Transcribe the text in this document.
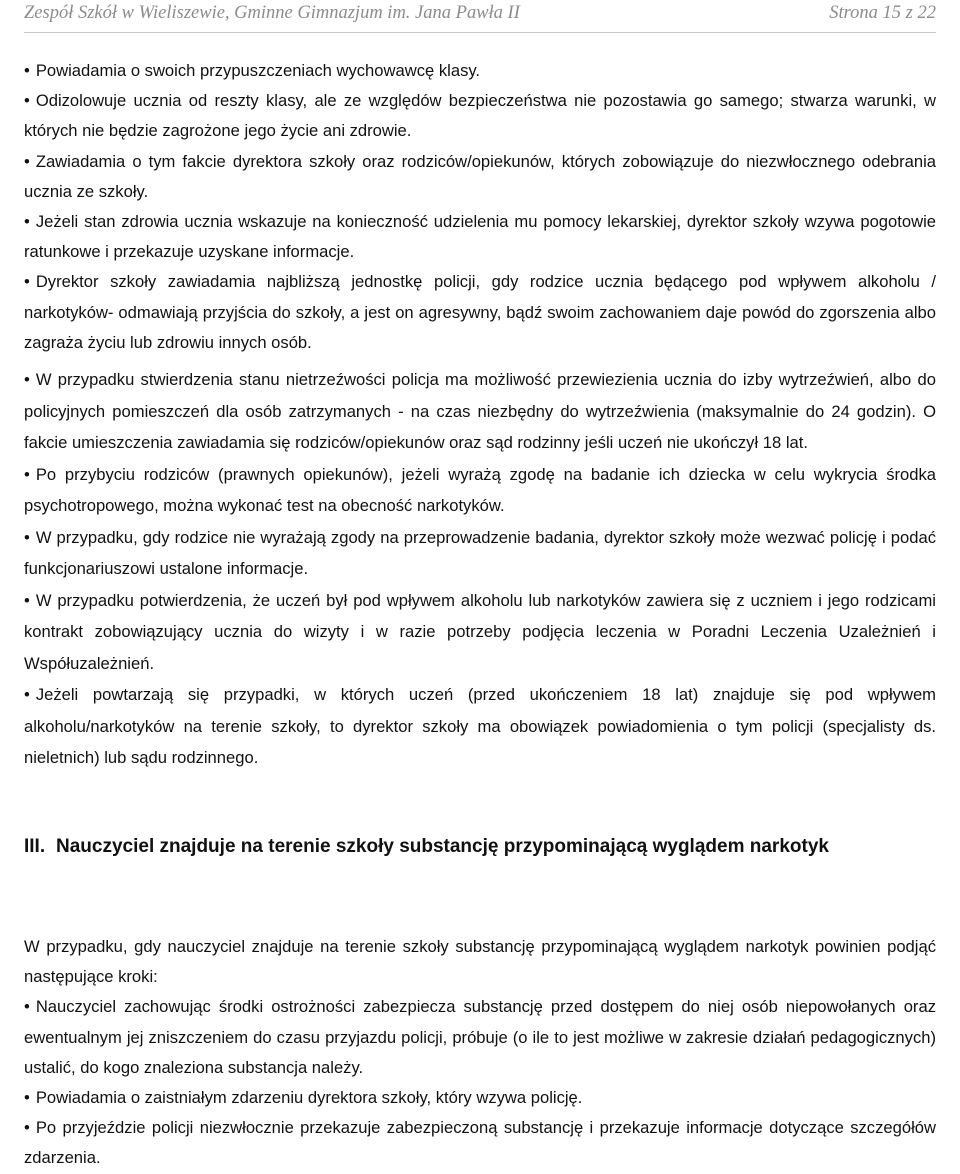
Zespół Szkół w Wieliszewie, Gminne Gimnazjum im. Jana Pawła II	Strona 15 z 22

• Powiadamia o swoich przypuszczeniach wychowawcę klasy.

• Odizolowuje ucznia od reszty klasy, ale ze względów bezpieczeństwa nie pozostawia go samego; stwarza warunki, w których nie będzie zagrożone jego życie ani zdrowie.

• Zawiadamia o tym fakcie dyrektora szkoły oraz rodziców/opiekunów, których zobowiązuje do niezwłocznego odebrania ucznia ze szkoły.

• Jeżeli stan zdrowia ucznia wskazuje na konieczność udzielenia mu pomocy lekarskiej, dyrektor szkoły wzywa pogotowie ratunkowe i przekazuje uzyskane informacje.

• Dyrektor szkoły zawiadamia najbliższą jednostkę policji, gdy rodzice ucznia będącego pod wpływem alkoholu / narkotyków- odmawiają przyjścia do szkoły, a jest on agresywny, bądź swoim zachowaniem daje powód do zgorszenia albo zagraża życiu lub zdrowiu innych osób.

• W przypadku stwierdzenia stanu nietrzeźwości policja ma możliwość przewiezienia ucznia do izby wytrzeźwień, albo do policyjnych pomieszczeń dla osób zatrzymanych - na czas niezbędny do wytrzeźwienia (maksymalnie do 24 godzin). O fakcie umieszczenia zawiadamia się rodziców/opiekunów oraz sąd rodzinny jeśli uczeń nie ukończył 18 lat.

• Po przybyciu rodziców (prawnych opiekunów), jeżeli wyrażą zgodę na badanie ich dziecka w celu wykrycia środka psychotropowego, można wykonać test na obecność narkotyków.

• W przypadku, gdy rodzice nie wyrażają zgody na przeprowadzenie badania, dyrektor szkoły może wezwać policję i podać funkcjonariuszowi ustalone informacje.

• W przypadku potwierdzenia, że uczeń był pod wpływem alkoholu lub narkotyków zawiera się z uczniem i jego rodzicami kontrakt zobowiązujący ucznia do wizyty i w razie potrzeby podjęcia leczenia w Poradni Leczenia Uzależnień i Współuzależnień.

• Jeżeli powtarzają się przypadki, w których uczeń (przed ukończeniem 18 lat) znajduje się pod wpływem alkoholu/narkotyków na terenie szkoły, to dyrektor szkoły ma obowiązek powiadomienia o tym policji (specjalisty ds. nieletnich) lub sądu rodzinnego.

III. Nauczyciel znajduje na terenie szkoły substancję przypominającą wyglądem narkotyk

W przypadku, gdy nauczyciel znajduje na terenie szkoły substancję przypominającą wyglądem narkotyk powinien podjąć następujące kroki:

• Nauczyciel zachowując środki ostrożności zabezpiecza substancję przed dostępem do niej osób niepowołanych oraz ewentualnym jej zniszczeniem do czasu przyjazdu policji, próbuje (o ile to jest możliwe w zakresie działań pedagogicznych) ustalić, do kogo znaleziona substancja należy.

• Powiadamia o zaistniałym zdarzeniu dyrektora szkoły, który wzywa policję.

• Po przyjeździe policji niezwłocznie przekazuje zabezpieczoną substancję i przekazuje informacje dotyczące szczegółów zdarzenia.
